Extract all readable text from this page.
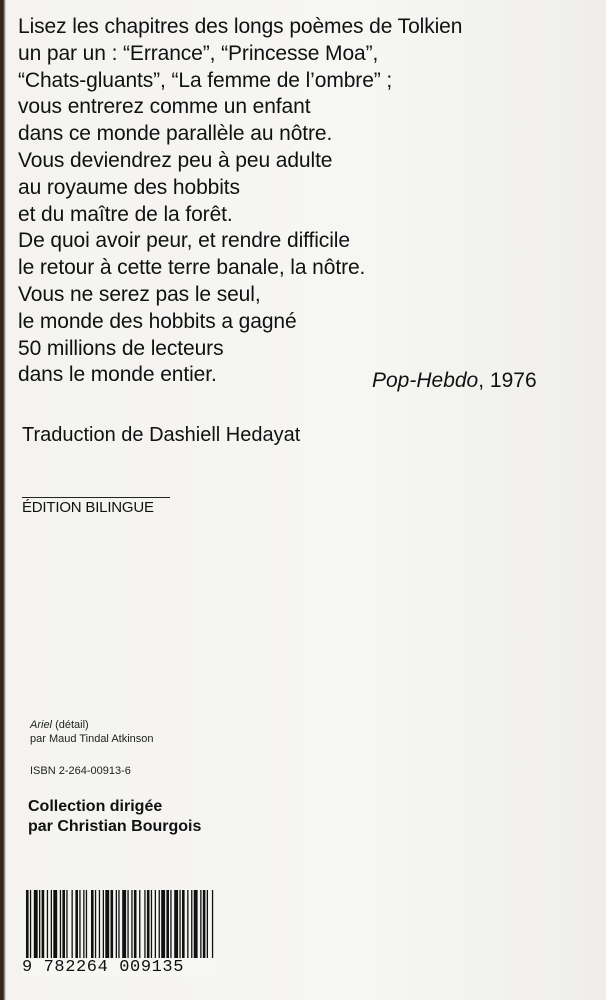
Lisez les chapitres des longs poèmes de Tolkien
un par un : “Errance”, “Princesse Moa”,
“Chats-gluants”, “La femme de l’ombre” ;
vous entrerez comme un enfant
dans ce monde parallèle au nôtre.
Vous deviendrez peu à peu adulte
au royaume des hobbits
et du maître de la forêt.
De quoi avoir peur, et rendre difficile
le retour à cette terre banale, la nôtre.
Vous ne serez pas le seul,
le monde des hobbits a gagné
50 millions de lecteurs
dans le monde entier.	Pop-Hebdo, 1976
Traduction de Dashiell Hedayat
ÉDITION BILINGUE
Ariel (détail)
par Maud Tindal Atkinson
ISBN 2-264-00913-6
Collection dirigée
par Christian Bourgois
9 782264 009135
